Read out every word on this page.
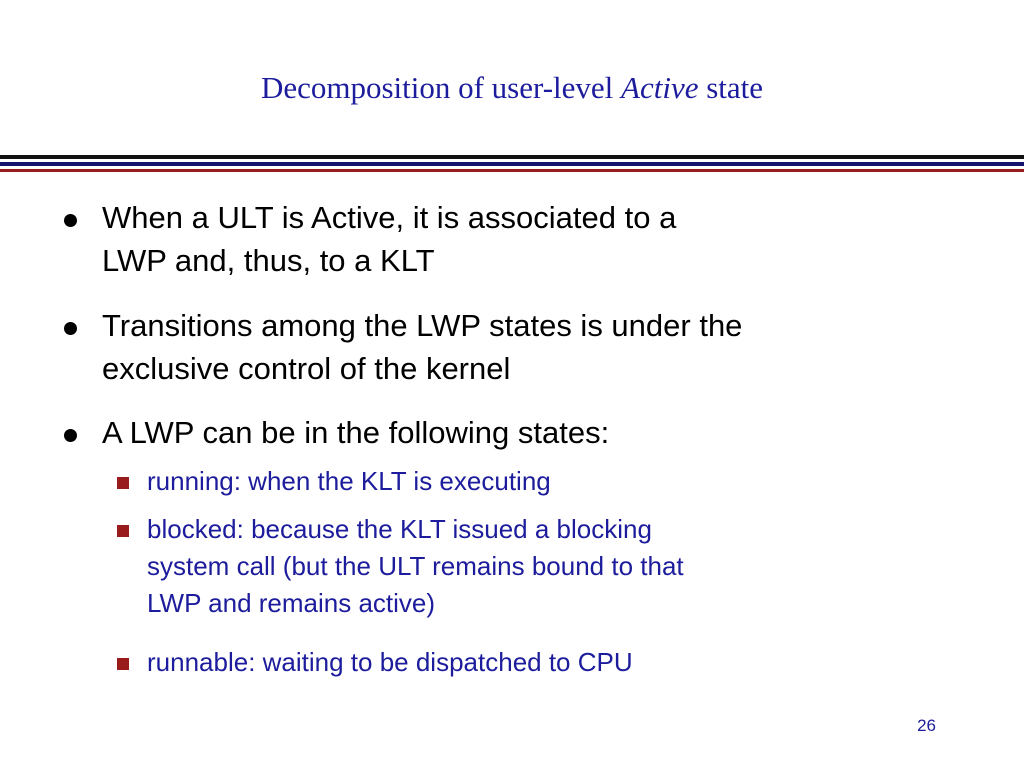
Decomposition of user-level Active state
When a ULT is Active, it is associated to a
LWP and, thus, to a KLT
Transitions among the LWP states is under the
exclusive control of the kernel
A LWP can be in the following states:
running: when the KLT is executing
blocked: because the KLT issued a blocking
system call (but the ULT remains bound to that
LWP and remains active)
runnable: waiting to be dispatched to CPU
26
